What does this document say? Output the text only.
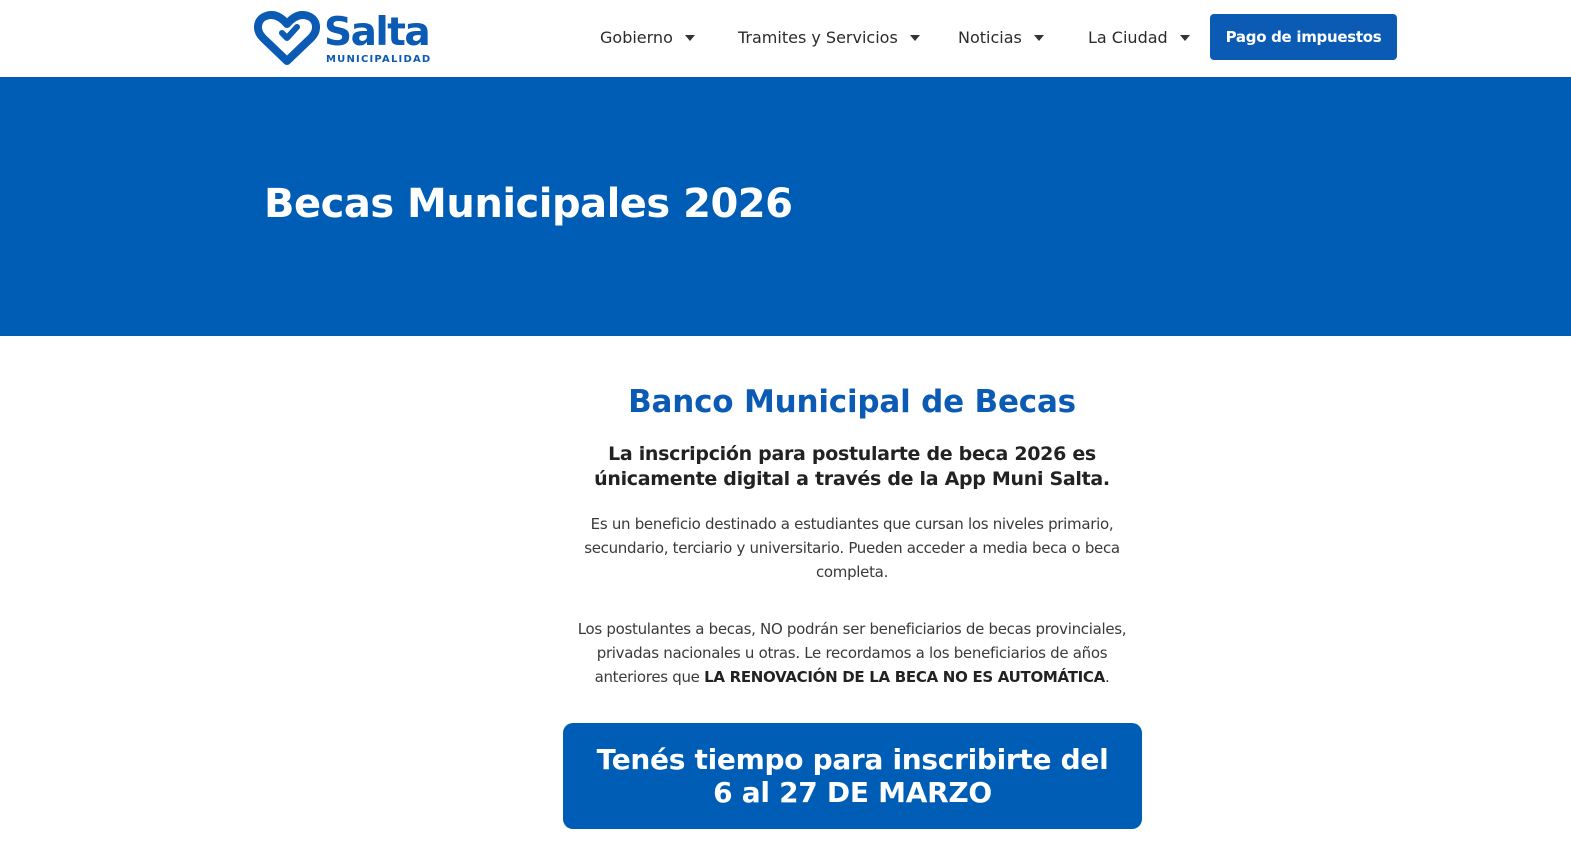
Salta
MUNICIPALIDAD
Gobierno	Tramites y Servicios	Noticias	La Ciudad	Pago de impuestos
Becas Municipales 2026
Banco Municipal de Becas

La inscripción para postularte de beca 2026 es únicamente digital a través de la App Muni Salta.

Es un beneficio destinado a estudiantes que cursan los niveles primario, secundario, terciario y universitario. Pueden acceder a media beca o beca completa.

Los postulantes a becas, NO podrán ser beneficiarios de becas provinciales, privadas nacionales u otras. Le recordamos a los beneficiarios de años anteriores que LA RENOVACIÓN DE LA BECA NO ES AUTOMÁTICA.

Tenés tiempo para inscribirte del
6 al 27 DE MARZO
